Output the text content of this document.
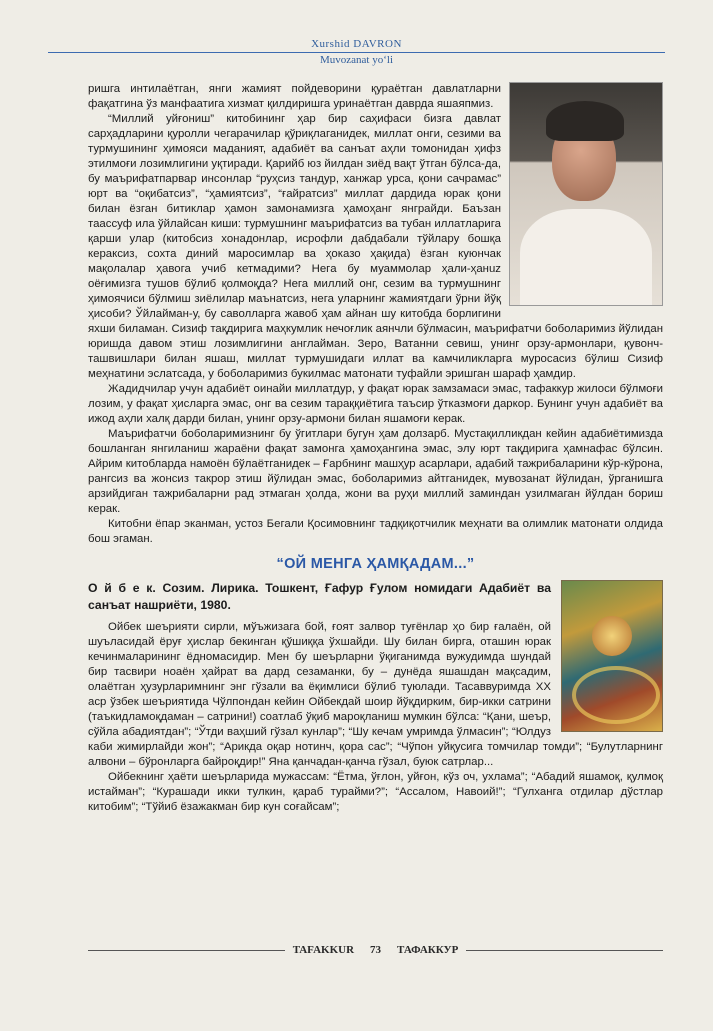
Xurshid DAVRON
Muvozanat yo‘li

ришга интилаётган, янги жамият пойдеворини қураётган давлатларни фақатгина ўз манфаатига хизмат қилдиришга уринаётган даврда яшаяпмиз.

“Миллий уйғониш” китобининг ҳар бир саҳифаси бизга давлат сарҳадларини қуролли чегарачилар қўриқлаганидек, миллат онги, сезими ва турмушининг ҳимояси маданият, адабиёт ва санъат аҳли томонидан ҳифз этилмоғи лозимлигини уқтиради. Қарийб юз йилдан зиёд вақт ўтган бўлса-да, бу маърифатпарвар инсонлар “руҳсиз тандур, ханжар урса, қони сачрамас” юрт ва “оқибатсиз”, “ҳамиятсиз”, “ғайратсиз” миллат дардида юрак қони билан ёзган битиклар ҳамон замонамизга ҳамоҳанг янграйди. Баъзан таассуф ила ўйлайсан киши: турмушнинг маърифатсиз ва тубан иллатларига қарши улар (китобсиз хонадонлар, исрофли дабдабали тўйлару бошқа кераксиз, сохта диний маросимлар ва ҳоказо ҳақида) ёзган куюнчак мақолалар ҳавога учиб кетмадими? Негa бу муаммолар ҳали-ҳанuz оёғимизга тушов бўлиб қолмоқда? Нега миллий онг, сезим ва турмушнинг ҳимоячиси бўлмиш зиёлилар маънатсиз, нега уларнинг жамиятдаги ўрни йўқ ҳисоби? Ўйлайман-у, бу саволларга жавоб ҳам айнан шу китобда борлигини яхши биламан. Сизиф тақдирига маҳкумлик нечоғлик аянчли бўлмасин, маърифатчи боболаримиз йўлидан юришда давом этиш лозимлигини англайман. Зеро, Ватанни севиш, унинг орзу-армонлари, қувонч-ташвишлари билан яшаш, миллат турмушидаги иллат ва камчиликларга муросасиз бўлиш Сизиф меҳнатини эслатсада, у боболаримиз букилмас матонати туфайли эришган шараф ҳамдир.

Жадидчилар учун адабиёт оинайи миллатдур, у фақат юрак замзамаси эмас, тафаккур жилоси бўлмоғи лозим, у фақат ҳисларга эмас, онг ва сезим тараққиётига таъсир ўтказмоғи даркор. Бунинг учун адабиёт ва ижод аҳли халқ дарди билан, унинг орзу-армони билан яшамоғи керак.

Маърифатчи боболаримизнинг бу ўгитлари бугун ҳам долзарб. Мустақилликдан кейин адабиётимизда бошланган янгиланиш жараёни фақат замонга ҳамоҳангина эмас, элу юрт тақдирига ҳамнафас бўлсин. Айрим китобларда намоён бўлаётганидек – Ғарбнинг машҳур асарлари, адабий тажрибаларини кўр-кўрона, рангсиз ва жонсиз такрор этиш йўлидан эмас, боболаримиз айтганидек, мувозанат йўлидан, ўрганишга арзийдиган тажрибаларни рад этмаган ҳолда, жони ва руҳи миллий заминдан узилмаган йўлдан бориш керак.

Китобни ёпар эканман, устоз Бегали Қосимовнинг тадқиқотчилик меҳнати ва олимлик матонати олдида бош эгаман.

“ОЙ МЕНГА ҲАМҚАДАМ...”
О й б е к. Созим. Лирика. Тошкент, Ғафур Ғулом номидаги Адабиёт ва санъат нашриёти, 1980.

Ойбек шеърияти сирли, мўъжизага бой, ғоят залвор туғёнлар ҳо бир ғалаён, ой шуълаcидай ёруғ ҳислар бекинган қўшиққа ўхшайди. Шу билан бирга, оташин юрак кечинмаларининг ёдномасидир. Мен бу шеърларни ўқиганимда вужудимда шундай бир тасвири ноаён ҳайрат ва дард сезаманки, бу – дунёда яшашдан мақсадим, олаётган ҳузурларимнинг энг гўзали ва ёқимлиси бўлиб туюлади. Тасаввуримда ХХ аср ўзбек шеъриятида Чўлпондан кейин Ойбекдай шоир йўқдирким, бир-икки сатрини (таъкидламоқдаман – сатрини!) соатлаб ўқиб мароқланиш мумкин бўлса: “Қани, шеър, сўйла абадиятдан”; “Ўтди ваҳший гўзал кунлар”; “Шу кечам умримда ўлмасин”; “Юлдуз каби жимирлайди жон”; “Арикда оқар нотинч, қора сас”; “Чўпон уйқусига томчилар томди”; “Булутларнинг алвони – бўронларга байроқдир!” Яна қанчадан-қанча гўзал, буюк сатрлар...

Ойбекнинг ҳаёти шеърларида мужассам: “Ётма, ўғлон, уйғон, кўз оч, ухлама”; “Абадий яшамоқ, қулмоқ истайман”; “Курашади икки тулкин, қараб турайми?”; “Ассалом, Навоий!”; “Гулханга отдилар дўстлар китобим”; “Тўйиб ёзажакман бир кун соғайсам”;

TAFAKKUR	73	ТАФАККУР
